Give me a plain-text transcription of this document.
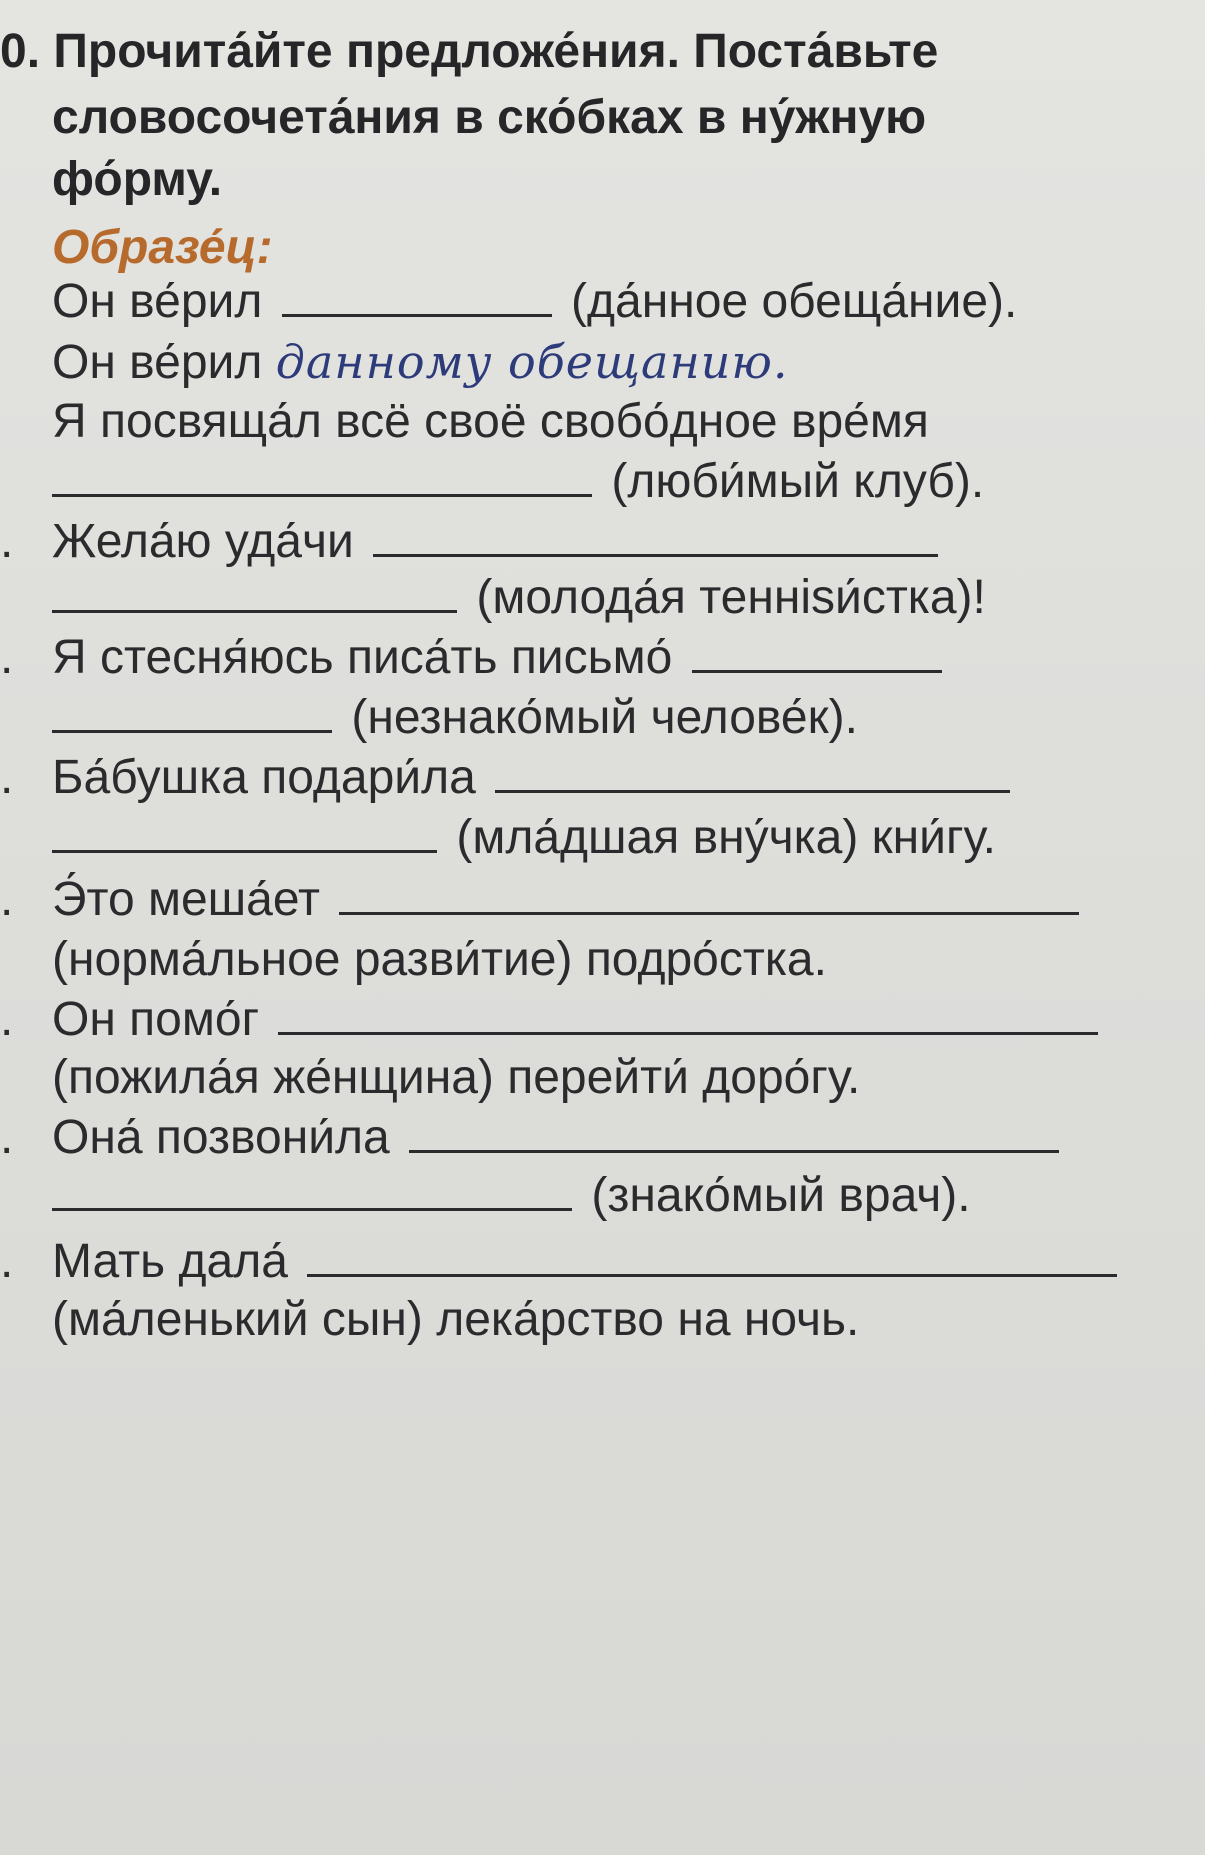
0. Прочита́йте предложе́ния. Поста́вьте
словосочета́ния в ско́бках в ну́жную
фо́рму.
Образе́ц:
Он ве́рил	(да́нное обеща́ние).
Он ве́рил данному обещанию.
Я посвяща́л всё своё свобо́дное вре́мя
(люби́мый клуб).
. Жела́ю уда́чи
(молода́я теннisи́стка)!
. Я стесня́юсь писа́ть письмо́
(незнако́мый челове́к).
. Ба́бушка подари́ла
(мла́дшая вну́чка) кни́гу.
. Э́то меша́ет
(норма́льное разви́тие) подро́стка.
. Он помо́г
(пожила́я же́нщина) перейти́ доро́гу.
. Она́ позвони́ла
(знако́мый врач).
. Мать дала́
(ма́ленький сын) лека́рство на ночь.
